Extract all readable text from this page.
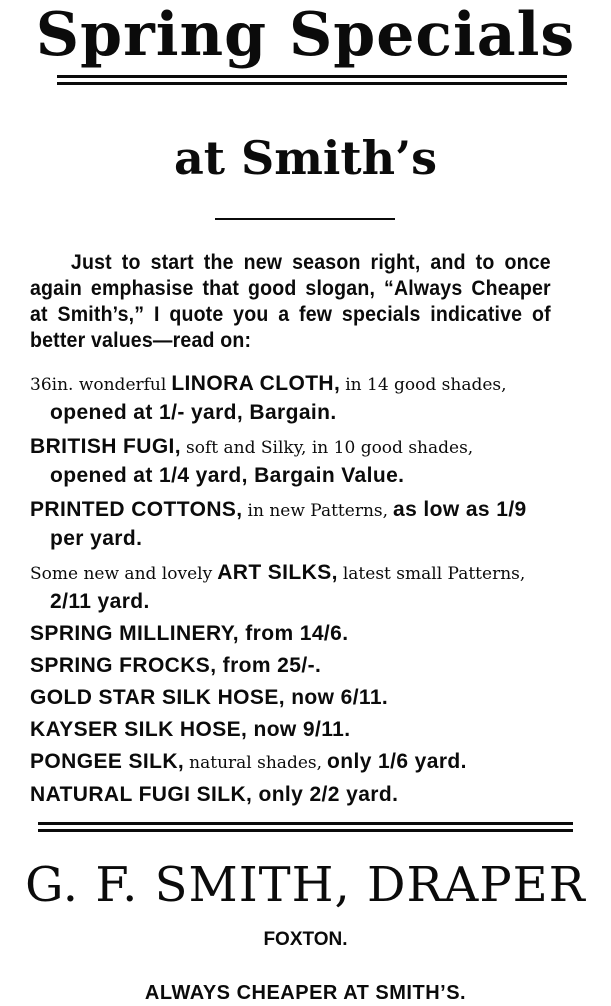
Spring Specials
at Smith’s

Just to start the new season right, and to once again emphasise that good slogan, “Always Cheaper at Smith’s,” I quote you a few specials indicative of better values—read on:

36in. wonderful LINORA CLOTH, in 14 good shades,
opened at 1/- yard, Bargain.
BRITISH FUGI, soft and Silky, in 10 good shades,
opened at 1/4 yard, Bargain Value.
PRINTED COTTONS, in new Patterns, as low as 1/9
per yard.
Some new and lovely ART SILKS, latest small Patterns,
2/11 yard.
SPRING MILLINERY, from 14/6.
SPRING FROCKS, from 25/-.
GOLD STAR SILK HOSE, now 6/11.
KAYSER SILK HOSE, now 9/11.
PONGEE SILK, natural shades, only 1/6 yard.
NATURAL FUGI SILK, only 2/2 yard.
G. F. SMITH, DRAPER
FOXTON.
ALWAYS CHEAPER AT SMITH’S.
